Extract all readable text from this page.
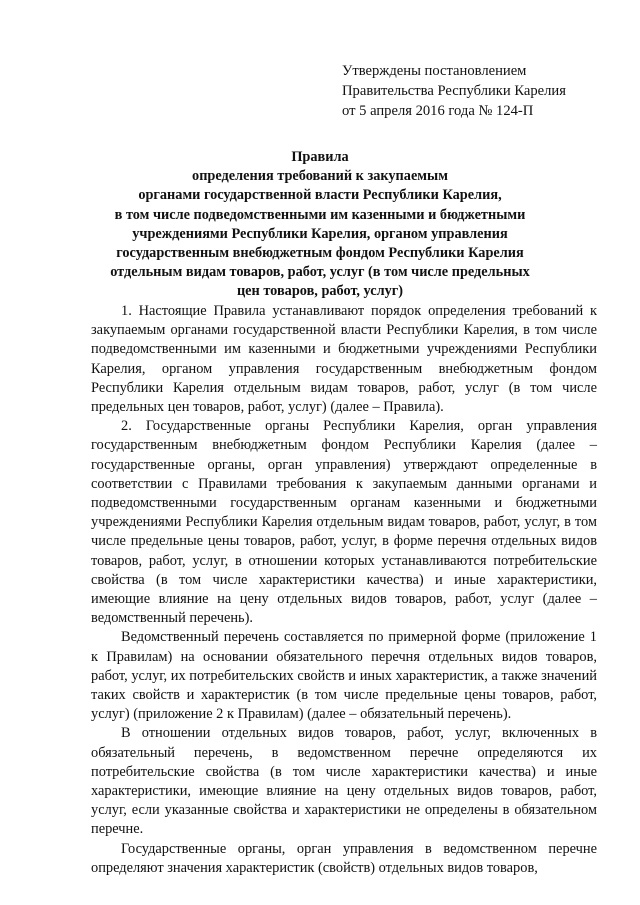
Утверждены постановлением
Правительства Республики Карелия
от 5 апреля 2016 года № 124-П
Правила
определения требований к закупаемым
органами государственной власти Республики Карелия,
в том числе подведомственными им казенными и бюджетными
учреждениями Республики Карелия, органом управления
государственным внебюджетным фондом Республики Карелия
отдельным видам товаров, работ, услуг (в том числе предельных
цен товаров, работ, услуг)

1. Настоящие Правила устанавливают порядок определения требований к закупаемым органами государственной власти Республики Карелия, в том числе подведомственными им казенными и бюджетными учреждениями Республики Карелия, органом управления государственным внебюджетным фондом Республики Карелия отдельным видам товаров, работ, услуг (в том числе предельных цен товаров, работ, услуг) (далее – Правила).

2. Государственные органы Республики Карелия, орган управления государственным внебюджетным фондом Республики Карелия (далее – государственные органы, орган управления) утверждают определенные в соответствии с Правилами требования к закупаемым данными органами и подведомственными государственным органам казенными и бюджетными учреждениями Республики Карелия отдельным видам товаров, работ, услуг, в том числе предельные цены товаров, работ, услуг, в форме перечня отдельных видов товаров, работ, услуг, в отношении которых устанавливаются потребительские свойства (в том числе характеристики качества) и иные характеристики, имеющие влияние на цену отдельных видов товаров, работ, услуг (далее – ведомственный перечень).

Ведомственный перечень составляется по примерной форме (приложение 1 к Правилам) на основании обязательного перечня отдельных видов товаров, работ, услуг, их потребительских свойств и иных характеристик, а также значений таких свойств и характеристик (в том числе предельные цены товаров, работ, услуг) (приложение 2 к Правилам) (далее – обязательный перечень).

В отношении отдельных видов товаров, работ, услуг, включенных в обязательный перечень, в ведомственном перечне определяются их потребительские свойства (в том числе характеристики качества) и иные характеристики, имеющие влияние на цену отдельных видов товаров, работ, услуг, если указанные свойства и характеристики не определены в обязательном перечне.

Государственные органы, орган управления в ведомственном перечне определяют значения характеристик (свойств) отдельных видов товаров,
